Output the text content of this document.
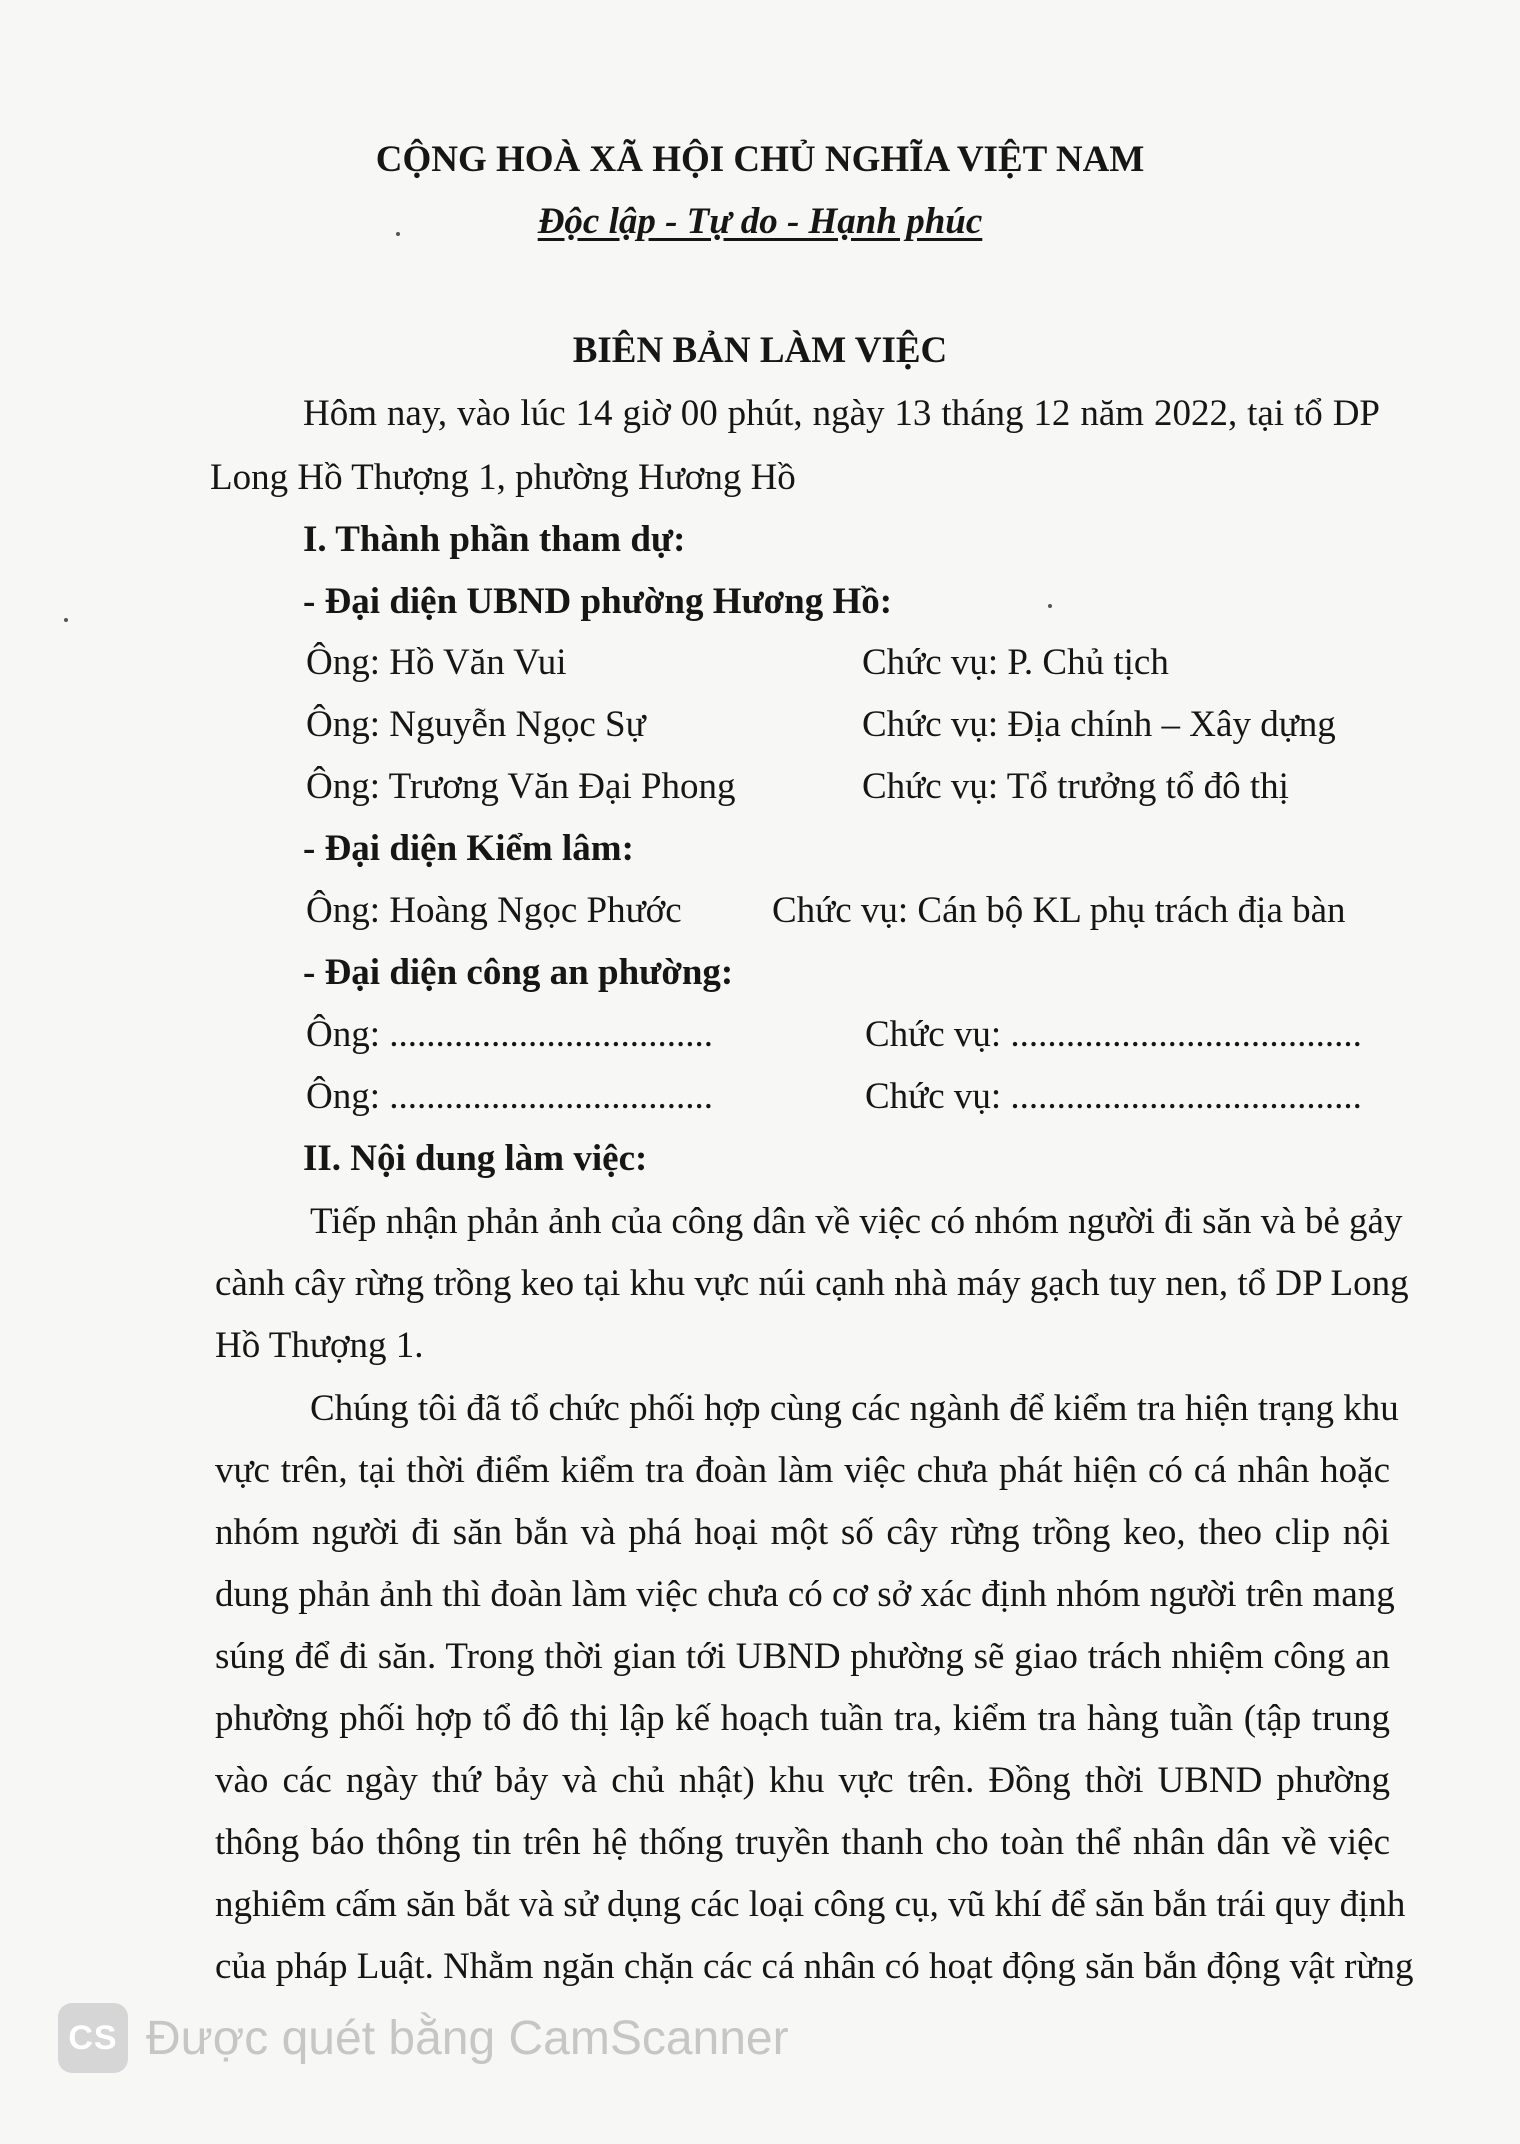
CỘNG HOÀ XÃ HỘI CHỦ NGHĨA VIỆT NAM
Độc lập - Tự do - Hạnh phúc
BIÊN BẢN LÀM VIỆC
Hôm nay, vào lúc 14 giờ 00 phút, ngày 13 tháng 12 năm 2022, tại tổ DP
Long Hồ Thượng 1, phường Hương Hồ
I. Thành phần tham dự:
- Đại diện UBND phường Hương Hồ:
Ông: Hồ Văn Vui	Chức vụ: P. Chủ tịch
Ông: Nguyễn Ngọc Sự	Chức vụ: Địa chính – Xây dựng
Ông: Trương Văn Đại Phong	Chức vụ: Tổ trưởng tổ đô thị
- Đại diện Kiểm lâm:
Ông: Hoàng Ngọc Phước Chức vụ: Cán bộ KL phụ trách địa bàn
- Đại diện công an phường:
Ông: ...................................	Chức vụ: ......................................
Ông: ...................................	Chức vụ: ......................................
II. Nội dung làm việc:
Tiếp nhận phản ảnh của công dân về việc có nhóm người đi săn và bẻ gảy
cành cây rừng trồng keo tại khu vực núi cạnh nhà máy gạch tuy nen, tổ DP Long
Hồ Thượng 1.
Chúng tôi đã tổ chức phối hợp cùng các ngành để kiểm tra hiện trạng khu
vực trên, tại thời điểm kiểm tra đoàn làm việc chưa phát hiện có cá nhân hoặc
nhóm người đi săn bắn và phá hoại một số cây rừng trồng keo, theo clip nội
dung phản ảnh thì đoàn làm việc chưa có cơ sở xác định nhóm người trên mang
súng để đi săn. Trong thời gian tới UBND phường sẽ giao trách nhiệm công an
phường phối hợp tổ đô thị lập kế hoạch tuần tra, kiểm tra hàng tuần (tập trung
vào các ngày thứ bảy và chủ nhật) khu vực trên. Đồng thời UBND phường
thông báo thông tin trên hệ thống truyền thanh cho toàn thể nhân dân về việc
nghiêm cấm săn bắt và sử dụng các loại công cụ, vũ khí để săn bắn trái quy định
của pháp Luật. Nhằm ngăn chặn các cá nhân có hoạt động săn bắn động vật rừng
CS Được quét bằng CamScanner
